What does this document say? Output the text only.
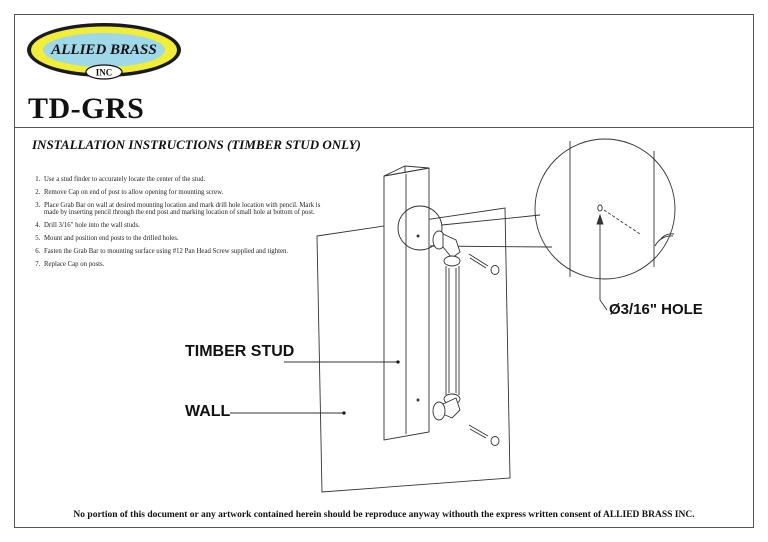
ALLIED BRASS
INC
TD-GRS
INSTALLATION INSTRUCTIONS (TIMBER STUD ONLY)
1. Use a stud finder to accurately locate the center of the stud.
2. Remove Cap on end of post to allow opening for mounting screw.
3. Place Grab Bar on wall at desired mounting location and mark drill hole location with pencil. Mark is made by inserting pencil through the end post and marking location of small hole at bottom of post.
4. Drill 3/16" hole into the wall studs.
5. Mount and position end posts to the drilled holes.
6. Fasten the Grab Bar to mounting surface using #12 Pan Head Screw supplied and tighten.
7. Replace Cap on posts.

TIMBER STUD

WALL

Ø3/16" HOLE

No portion of this document or any artwork contained herein should be reproduce anyway withouth the express written consent of ALLIED BRASS INC.
